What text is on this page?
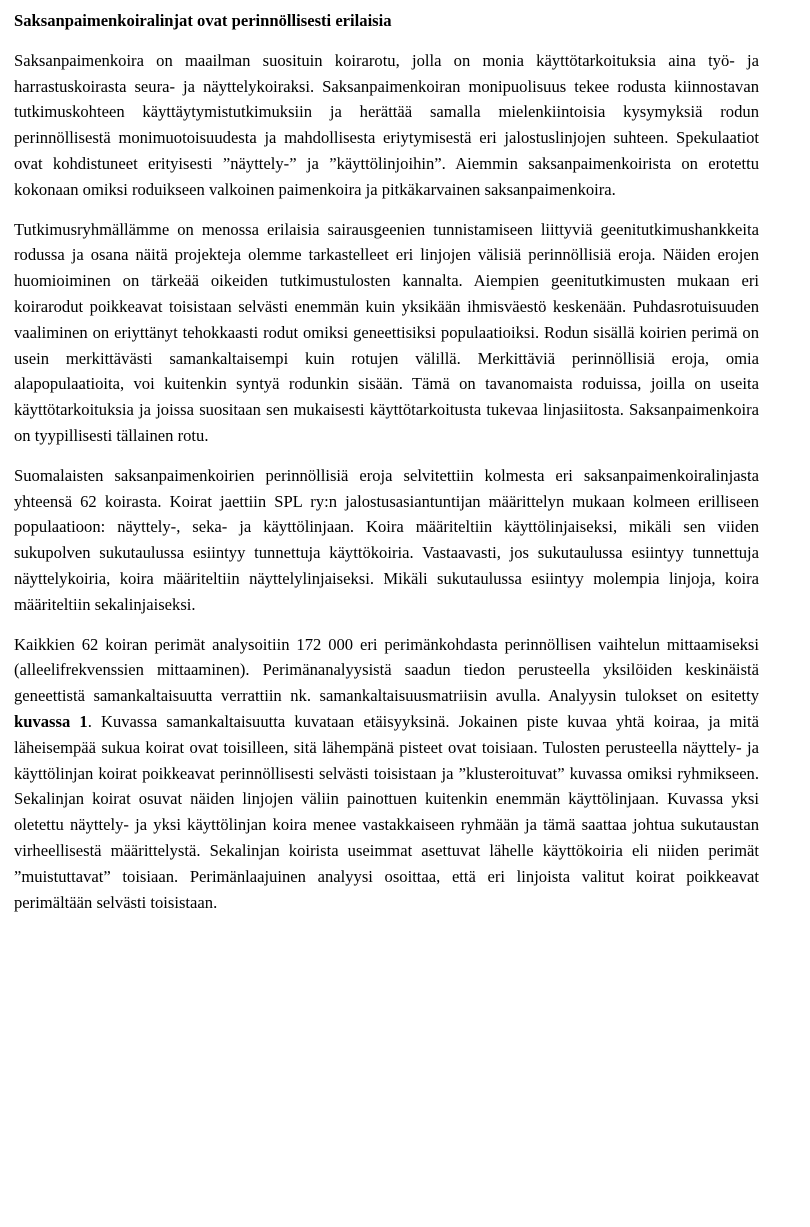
Saksanpaimenkoiralinjat ovat perinnöllisesti erilaisia

Saksanpaimenkoira on maailman suosituin koirarotu, jolla on monia käyttötarkoituksia aina työ- ja harrastuskoirasta seura- ja näyttelykoiraksi. Saksanpaimenkoiran monipuolisuus tekee rodusta kiinnostavan tutkimuskohteen käyttäytymistutkimuksiin ja herättää samalla mielenkiintoisia kysymyksiä rodun perinnöllisestä monimuotoisuudesta ja mahdollisesta eriytymisestä eri jalostuslinjojen suhteen. Spekulaatiot ovat kohdistuneet erityisesti ”näyttely-” ja ”käyttölinjoihin”. Aiemmin saksanpaimenkoirista on erotettu kokonaan omiksi roduikseen valkoinen paimenkoira ja pitkäkarvainen saksanpaimenkoira.

Tutkimusryhmällämme on menossa erilaisia sairausgeenien tunnistamiseen liittyviä geenitutkimushankkeita rodussa ja osana näitä projekteja olemme tarkastelleet eri linjojen välisiä perinnöllisiä eroja. Näiden erojen huomioiminen on tärkeää oikeiden tutkimustulosten kannalta. Aiempien geenitutkimusten mukaan eri koirarodut poikkeavat toisistaan selvästi enemmän kuin yksikään ihmisväestö keskenään. Puhdasrotuisuuden vaaliminen on eriyttänyt tehokkaasti rodut omiksi geneettisiksi populaatioiksi. Rodun sisällä koirien perimä on usein merkittävästi samankaltaisempi kuin rotujen välillä. Merkittäviä perinnöllisiä eroja, omia alapopulaatioita, voi kuitenkin syntyä rodunkin sisään. Tämä on tavanomaista roduissa, joilla on useita käyttötarkoituksia ja joissa suositaan sen mukaisesti käyttötarkoitusta tukevaa linjasiitosta. Saksanpaimenkoira on tyypillisesti tällainen rotu.

Suomalaisten saksanpaimenkoirien perinnöllisiä eroja selvitettiin kolmesta eri saksanpaimenkoiralinjasta yhteensä 62 koirasta. Koirat jaettiin SPL ry:n jalostusasiantuntijan määrittelyn mukaan kolmeen erilliseen populaatioon: näyttely-, seka- ja käyttölinjaan. Koira määriteltiin käyttölinjaiseksi, mikäli sen viiden sukupolven sukutaulussa esiintyy tunnettuja käyttökoiria. Vastaavasti, jos sukutaulussa esiintyy tunnettuja näyttelykoiria, koira määriteltiin näyttelylinjaiseksi. Mikäli sukutaulussa esiintyy molempia linjoja, koira määriteltiin sekalinjaiseksi.

Kaikkien 62 koiran perimät analysoitiin 172 000 eri perimänkohdasta perinnöllisen vaihtelun mittaamiseksi (alleelifrekvenssien mittaaminen). Perimänanalyysistä saadun tiedon perusteella yksilöiden keskinäistä geneettistä samankaltaisuutta verrattiin nk. samankaltaisuusmatriisin avulla. Analyysin tulokset on esitetty kuvassa 1. Kuvassa samankaltaisuutta kuvataan etäisyyksinä. Jokainen piste kuvaa yhtä koiraa, ja mitä läheisempää sukua koirat ovat toisilleen, sitä lähempänä pisteet ovat toisiaan. Tulosten perusteella näyttely- ja käyttölinjan koirat poikkeavat perinnöllisesti selvästi toisistaan ja ”klusteroituvat” kuvassa omiksi ryhmikseen. Sekalinjan koirat osuvat näiden linjojen väliin painottuen kuitenkin enemmän käyttölinjaan. Kuvassa yksi oletettu näyttely- ja yksi käyttölinjan koira menee vastakkaiseen ryhmään ja tämä saattaa johtua sukutaustan virheellisestä määrittelystä. Sekalinjan koirista useimmat asettuvat lähelle käyttökoiria eli niiden perimät ”muistuttavat” toisiaan. Perimänlaajuinen analyysi osoittaa, että eri linjoista valitut koirat poikkeavat perimältään selvästi toisistaan.
